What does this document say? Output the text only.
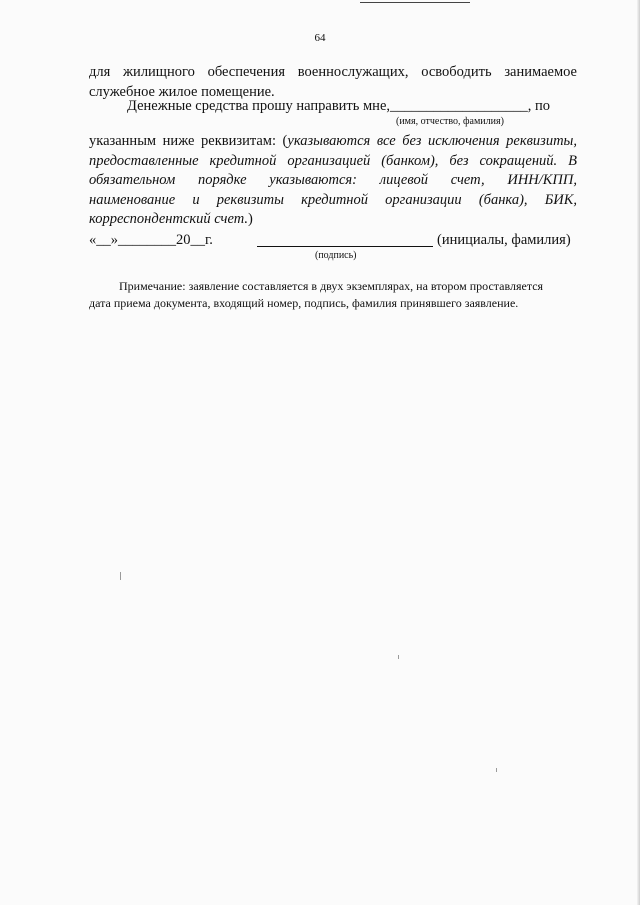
64
для жилищного обеспечения военнослужащих, освободить занимаемое
служебное жилое помещение.
Денежные средства прошу направить мне,___________________, по
(имя, отчество, фамилия)
указанным ниже реквизитам: (указываются все без исключения реквизиты,
предоставленные кредитной организацией (банком), без сокращений. В
обязательном порядке указываются: лицевой счет, ИНН/КПП,
наименование и реквизиты кредитной организации (банка), БИК,
корреспондентский счет.)
«__»________20__г.	(инициалы, фамилия)
(подпись)
Примечание: заявление составляется в двух экземплярах, на втором проставляется
дата приема документа, входящий номер, подпись, фамилия принявшего заявление.
